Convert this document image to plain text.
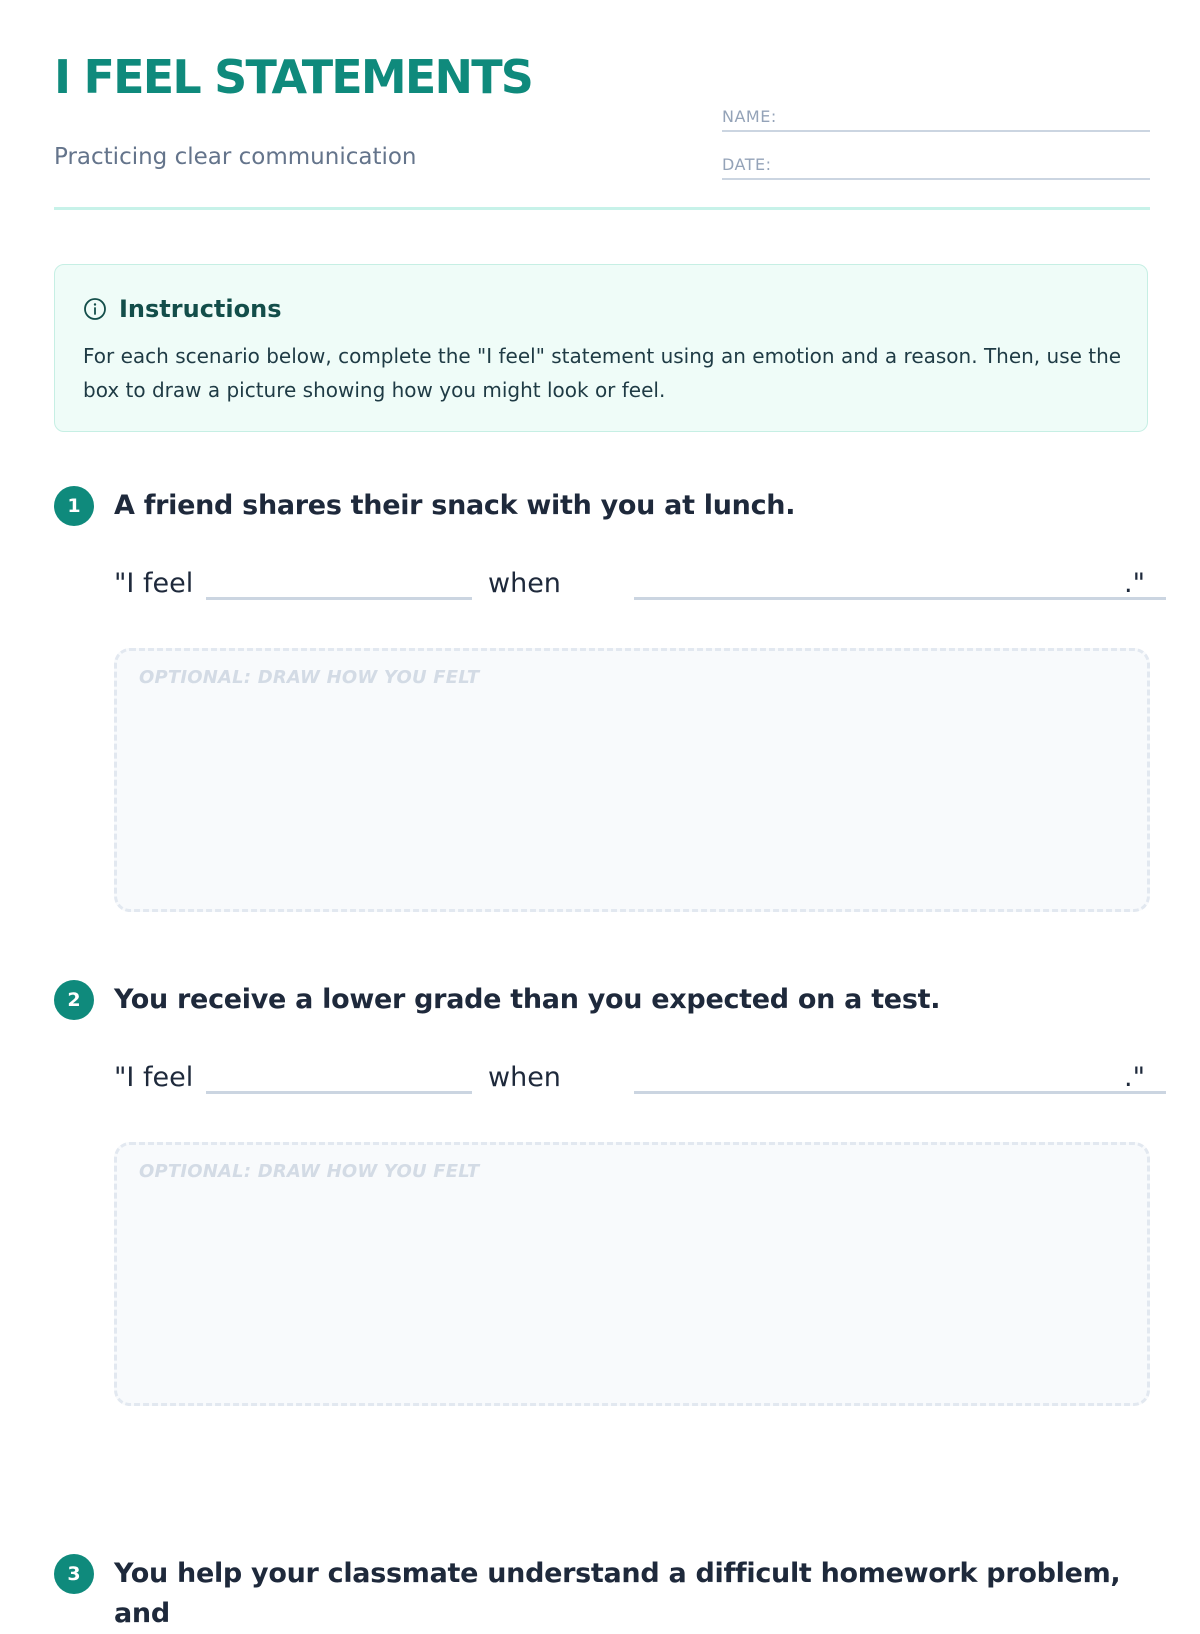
I FEEL STATEMENTS
Practicing clear communication
NAME:
DATE:
Instructions
For each scenario below, complete the "I feel" statement using an emotion and a reason. Then, use the box to draw a picture showing how you might look or feel.
1	A friend shares their snack with you at lunch.
"I feel	when	."
OPTIONAL: DRAW HOW YOU FELT
2	You receive a lower grade than you expected on a test.
"I feel	when	."
OPTIONAL: DRAW HOW YOU FELT
3	You help your classmate understand a difficult homework problem, and
